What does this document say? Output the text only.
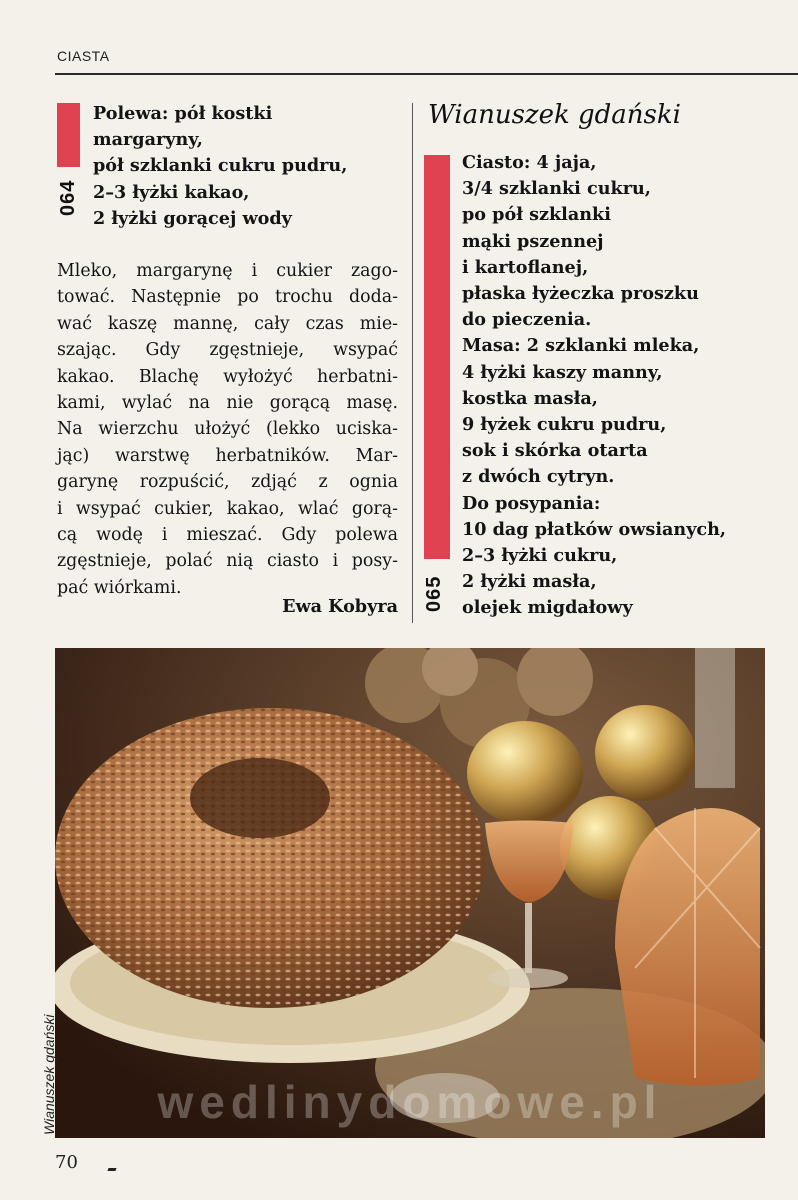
CIASTA
064
Polewa: pół kostki
margaryny,
pół szklanki cukru pudru,
2–3 łyżki kakao,
2 łyżki gorącej wody
Mleko, margarynę i cukier zago-
tować. Następnie po trochu doda-
wać kaszę mannę, cały czas mie-
szając. Gdy zgęstnieje, wsypać
kakao. Blachę wyłożyć herbatni-
kami, wylać na nie gorącą masę.
Na wierzchu ułożyć (lekko uciska-
jąc) warstwę herbatników. Mar-
garynę rozpuścić, zdjąć z ognia
i wsypać cukier, kakao, wlać gorą-
cą wodę i mieszać. Gdy polewa
zgęstnieje, polać nią ciasto i posy-
pać wiórkami.
Ewa Kobyra
Wianuszek gdański
065
Ciasto: 4 jaja,
3/4 szklanki cukru,
po pół szklanki
mąki pszennej
i kartoflanej,
płaska łyżeczka proszku
do pieczenia.
Masa: 2 szklanki mleka,
4 łyżki kaszy manny,
kostka masła,
9 łyżek cukru pudru,
sok i skórka otarta
z dwóch cytryn.
Do posypania:
10 dag płatków owsianych,
2–3 łyżki cukru,
2 łyżki masła,
olejek migdałowy
wedlinydomowe.pl
Wianuszek gdański
70
